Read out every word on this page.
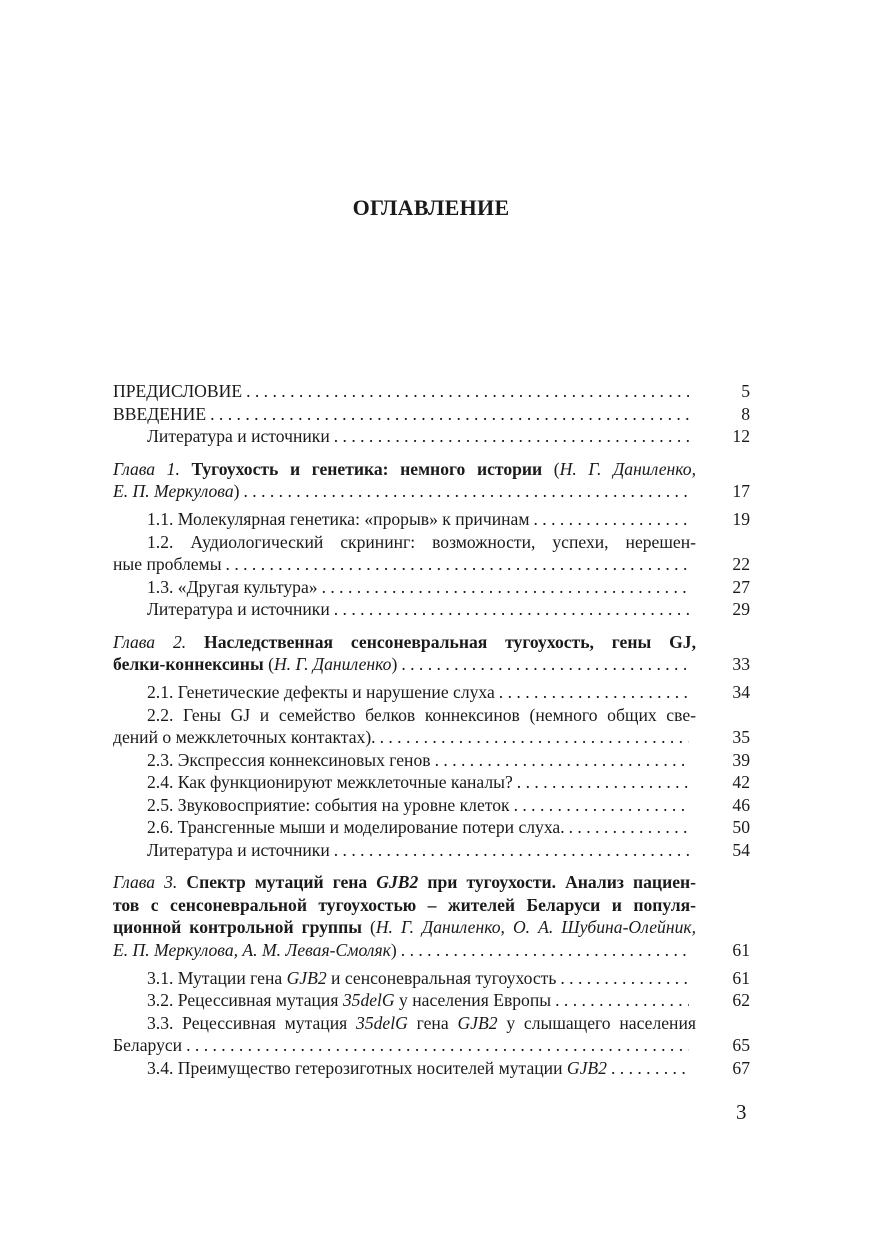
ОГЛАВЛЕНИЕ
ПРЕДИСЛОВИЕ . . .	5
ВВЕДЕНИЕ . . .	8
Литература и источники . . .	12
Глава 1. Тугоухость и генетика: немного истории (Н. Г. Даниленко,
Е. П. Меркулова) . . .	17
1.1. Молекулярная генетика: «прорыв» к причинам . . .	19
1.2. Аудиологический скрининг: возможности, успехи, нерешен-
ные проблемы . . .	22
1.3. «Другая культура» . . .	27
Литература и источники . . .	29
Глава 2. Наследственная сенсоневральная тугоухость, гены GJ,
белки-коннексины (Н. Г. Даниленко) . . .	33
2.1. Генетические дефекты и нарушение слуха . . .	34
2.2. Гены GJ и семейство белков коннексинов (немного общих све-
дений о межклеточных контактах). . . .	35
2.3. Экспрессия коннексиновых генов . . .	39
2.4. Как функционируют межклеточные каналы? . . .	42
2.5. Звуковосприятие: события на уровне клеток . . .	46
2.6. Трансгенные мыши и моделирование потери слуха. . . .	50
Литература и источники . . .	54
Глава 3. Спектр мутаций гена GJB2 при тугоухости. Анализ пациен-
тов с сенсоневральной тугоухостью – жителей Беларуси и популя-
ционной контрольной группы (Н. Г. Даниленко, О. А. Шубина-Олейник,
Е. П. Меркулова, А. М. Левая-Смоляк) . . .	61
3.1. Мутации гена GJB2 и сенсоневральная тугоухость . . .	61
3.2. Рецессивная мутация 35delG у населения Европы . . .	62
3.3. Рецессивная мутация 35delG гена GJB2 у слышащего населения
Беларуси . . .	65
3.4. Преимущество гетерозиготных носителей мутации GJB2 . . .	67
3
